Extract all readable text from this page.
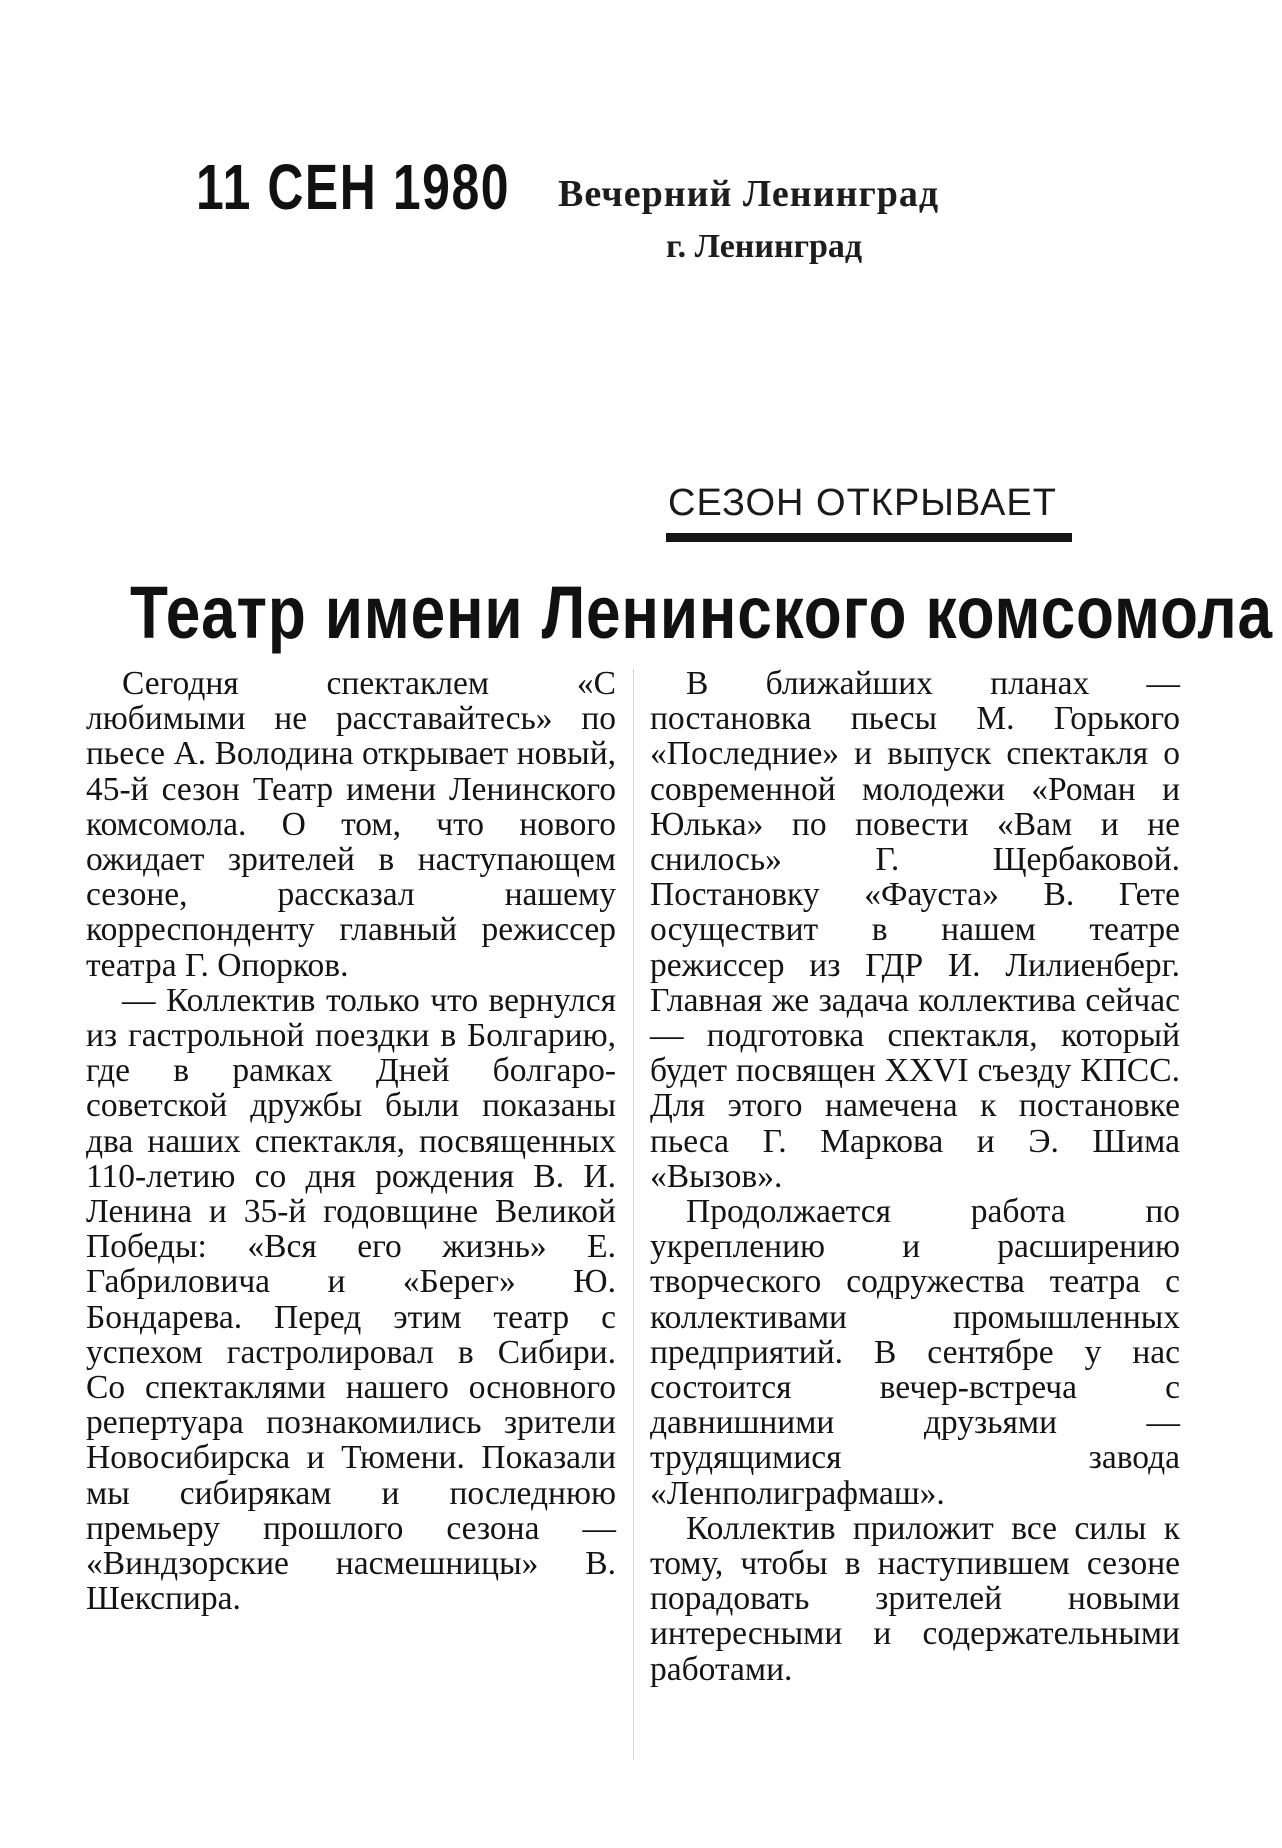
11 СЕН 1980 Вечерний Ленинград
г. Ленинград
СЕЗОН ОТКРЫВАЕТ
Театр имени Ленинского комсомола

Сегодня спектаклем «С любимыми не расставайтесь» по пьесе А. Володина открывает новый, 45-й сезон Театр имени Ленинского комсомола. О том, что нового ожидает зрителей в наступающем сезоне, рассказал нашему корреспонденту главный режиссер театра Г. Опорков.

— Коллектив только что вернулся из гастрольной поездки в Болгарию, где в рамках Дней болгаро-советской дружбы были показаны два наших спектакля, посвященных 110-летию со дня рождения В. И. Ленина и 35-й годовщине Великой Победы: «Вся его жизнь» Е. Габриловича и «Берег» Ю. Бондарева. Перед этим театр с успехом гастролировал в Сибири. Со спектаклями нашего основного репертуара познакомились зрители Новосибирска и Тюмени. Показали мы сибирякам и последнюю премьеру прошлого сезона — «Виндзорские насмешницы» В. Шекспира.

В ближайших планах — постановка пьесы М. Горького «Последние» и выпуск спектакля о современной молодежи «Роман и Юлька» по повести «Вам и не снилось» Г. Щербаковой. Постановку «Фауста» В. Гете осуществит в нашем театре режиссер из ГДР И. Лилиенберг. Главная же задача коллектива сейчас — подготовка спектакля, который будет посвящен XXVI съезду КПСС. Для этого намечена к постановке пьеса Г. Маркова и Э. Шима «Вызов».

Продолжается работа по укреплению и расширению творческого содружества театра с коллективами промышленных предприятий. В сентябре у нас состоится вечер-встреча с давнишними друзьями — трудящимися завода «Ленполиграфмаш».

Коллектив приложит все силы к тому, чтобы в наступившем сезоне порадовать зрителей новыми интересными и содержательными работами.
